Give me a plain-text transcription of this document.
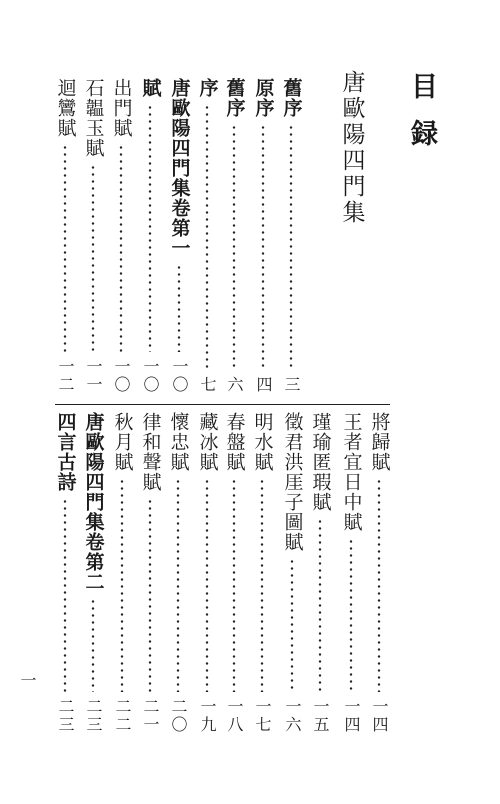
目録
唐歐陽四門集
舊序
三
原序
四
舊序
六
序
七
唐歐陽四門集卷第一
一〇
賦
一〇
出門賦
一〇
石韞玉賦
一一
迴鸞賦
一二
將歸賦
一四
王者宜日中賦
一四
瑾瑜匿瑕賦
一五
徵君洪厓子圖賦
一六
明水賦
一七
春盤賦
一八
藏冰賦
一九
懷忠賦
二〇
律和聲賦
二一
秋月賦
二二
唐歐陽四門集卷第二
二三
四言古詩
二三
一
